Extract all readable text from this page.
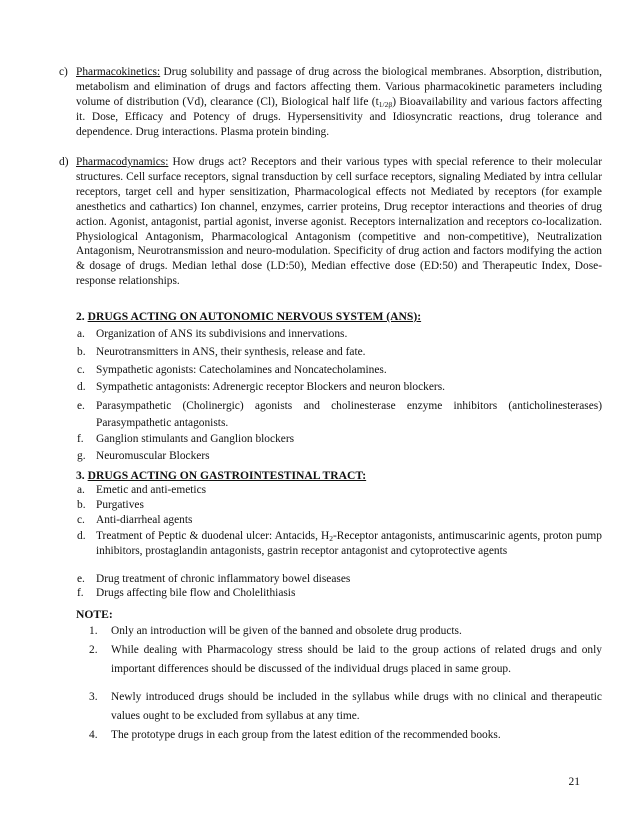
c) Pharmacokinetics: Drug solubility and passage of drug across the biological membranes. Absorption, distribution, metabolism and elimination of drugs and factors affecting them. Various pharmacokinetic parameters including volume of distribution (Vd), clearance (Cl), Biological half life $(t_{1/2\beta})$ Bioavailability and various factors affecting it. Dose, Efficacy and Potency of drugs. Hypersensitivity and Idiosyncratic reactions, drug tolerance and dependence. Drug interactions. Plasma protein binding.
d) Pharmacodynamics: How drugs act? Receptors and their various types with special reference to their molecular structures. Cell surface receptors, signal transduction by cell surface receptors, signaling Mediated by intra cellular receptors, target cell and hyper sensitization, Pharmacological effects not Mediated by receptors (for example anesthetics and cathartics) Ion channel, enzymes, carrier proteins, Drug receptor interactions and theories of drug action. Agonist, antagonist, partial agonist, inverse agonist. Receptors internalization and receptors co-localization. Physiological Antagonism, Pharmacological Antagonism (competitive and non-competitive), Neutralization Antagonism, Neurotransmission and neuro-modulation. Specificity of drug action and factors modifying the action & dosage of drugs. Median lethal dose (LD:50), Median effective dose (ED:50) and Therapeutic Index, Dose-response relationships.
2. DRUGS ACTING ON AUTONOMIC NERVOUS SYSTEM (ANS):
a. Organization of ANS its subdivisions and innervations.
b. Neurotransmitters in ANS, their synthesis, release and fate.
c. Sympathetic agonists: Catecholamines and Noncatecholamines.
d. Sympathetic antagonists: Adrenergic receptor Blockers and neuron blockers.
e. Parasympathetic (Cholinergic) agonists and cholinesterase enzyme inhibitors (anticholinesterases) Parasympathetic antagonists.
f. Ganglion stimulants and Ganglion blockers
g. Neuromuscular Blockers
3. DRUGS ACTING ON GASTROINTESTINAL TRACT:
a. Emetic and anti-emetics
b. Purgatives
c. Anti-diarrheal agents
d. Treatment of Peptic & duodenal ulcer: Antacids, $H_2$-Receptor antagonists, antimuscarinic agents, proton pump inhibitors, prostaglandin antagonists, gastrin receptor antagonist and cytoprotective agents
e. Drug treatment of chronic inflammatory bowel diseases
f. Drugs affecting bile flow and Cholelithiasis
NOTE:
1. Only an introduction will be given of the banned and obsolete drug products.
2. While dealing with Pharmacology stress should be laid to the group actions of related drugs and only important differences should be discussed of the individual drugs placed in same group.
3. Newly introduced drugs should be included in the syllabus while drugs with no clinical and therapeutic values ought to be excluded from syllabus at any time.
4. The prototype drugs in each group from the latest edition of the recommended books.
21
